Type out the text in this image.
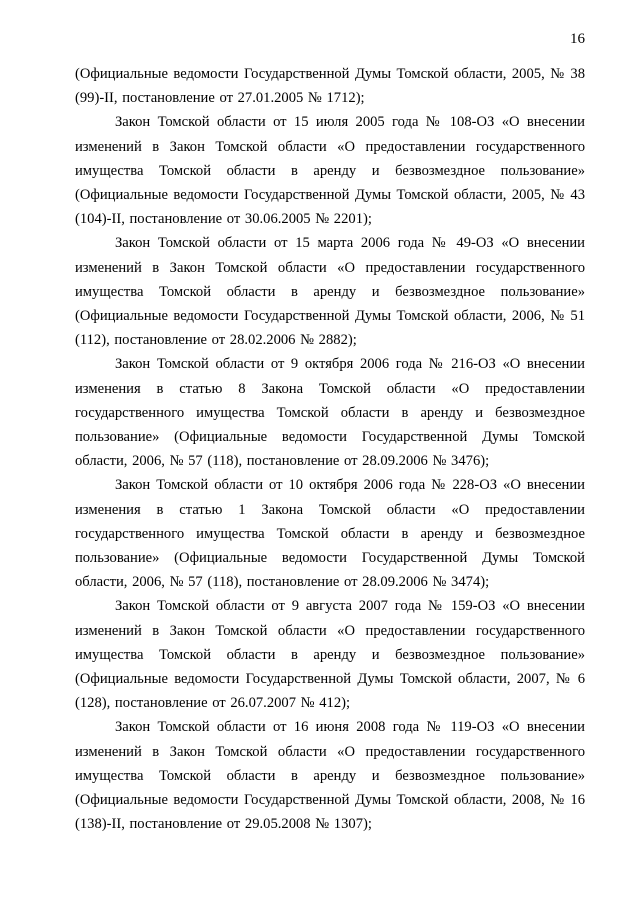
16

(Официальные ведомости Государственной Думы Томской области, 2005, № 38 (99)-II, постановление от 27.01.2005 № 1712);

Закон Томской области от 15 июля 2005 года № 108-ОЗ «О внесении изменений в Закон Томской области «О предоставлении государственного имущества Томской области в аренду и безвозмездное пользование» (Официальные ведомости Государственной Думы Томской области, 2005, № 43 (104)-II, постановление от 30.06.2005 № 2201);

Закон Томской области от 15 марта 2006 года № 49-ОЗ «О внесении изменений в Закон Томской области «О предоставлении государственного имущества Томской области в аренду и безвозмездное пользование» (Официальные ведомости Государственной Думы Томской области, 2006, № 51 (112), постановление от 28.02.2006 № 2882);

Закон Томской области от 9 октября 2006 года № 216-ОЗ «О внесении изменения в статью 8 Закона Томской области «О предоставлении государственного имущества Томской области в аренду и безвозмездное пользование» (Официальные ведомости Государственной Думы Томской области, 2006, № 57 (118), постановление от 28.09.2006 № 3476);

Закон Томской области от 10 октября 2006 года № 228-ОЗ «О внесении изменения в статью 1 Закона Томской области «О предоставлении государственного имущества Томской области в аренду и безвозмездное пользование» (Официальные ведомости Государственной Думы Томской области, 2006, № 57 (118), постановление от 28.09.2006 № 3474);

Закон Томской области от 9 августа 2007 года № 159-ОЗ «О внесении изменений в Закон Томской области «О предоставлении государственного имущества Томской области в аренду и безвозмездное пользование» (Официальные ведомости Государственной Думы Томской области, 2007, № 6 (128), постановление от 26.07.2007 № 412);

Закон Томской области от 16 июня 2008 года № 119-ОЗ «О внесении изменений в Закон Томской области «О предоставлении государственного имущества Томской области в аренду и безвозмездное пользование» (Официальные ведомости Государственной Думы Томской области, 2008, № 16 (138)-II, постановление от 29.05.2008 № 1307);
